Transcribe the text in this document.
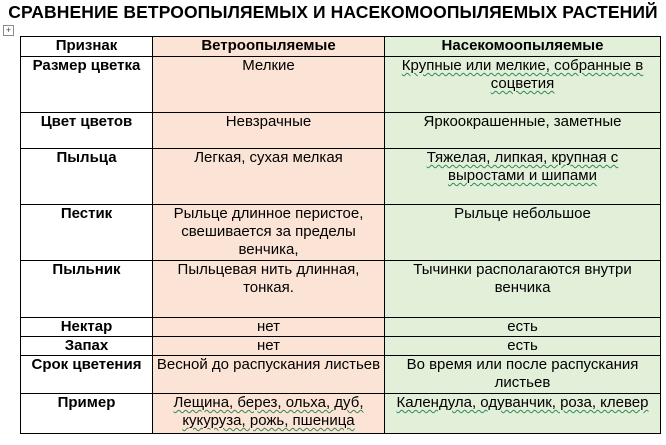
СРАВНЕНИЕ ВЕТРООПЫЛЯЕМЫХ И НАСЕКОМООПЫЛЯЕМЫХ РАСТЕНИЙ
+
Признак	Ветроопыляемые	Насекомоопыляемые
Размер цветка	Мелкие	Крупные или мелкие, собранные в соцветия
Цвет цветов	Невзрачные	Яркоокрашенные, заметные
Пыльца	Легкая, сухая мелкая	Тяжелая, липкая, крупная с выростами и шипами
Пестик	Рыльце длинное перистое, свешивается за пределы венчика,	Рыльце небольшое
Пыльник	Пыльцевая нить длинная, тонкая.	Тычинки располагаются внутри венчика
Нектар	нет	есть
Запах	нет	есть
Срок цветения	Весной до распускания листьев	Во время или после распускания листьев
Пример	Лещина, берез, ольха, дуб, кукуруза, рожь, пшеница	Календула, одуванчик, роза, клевер
